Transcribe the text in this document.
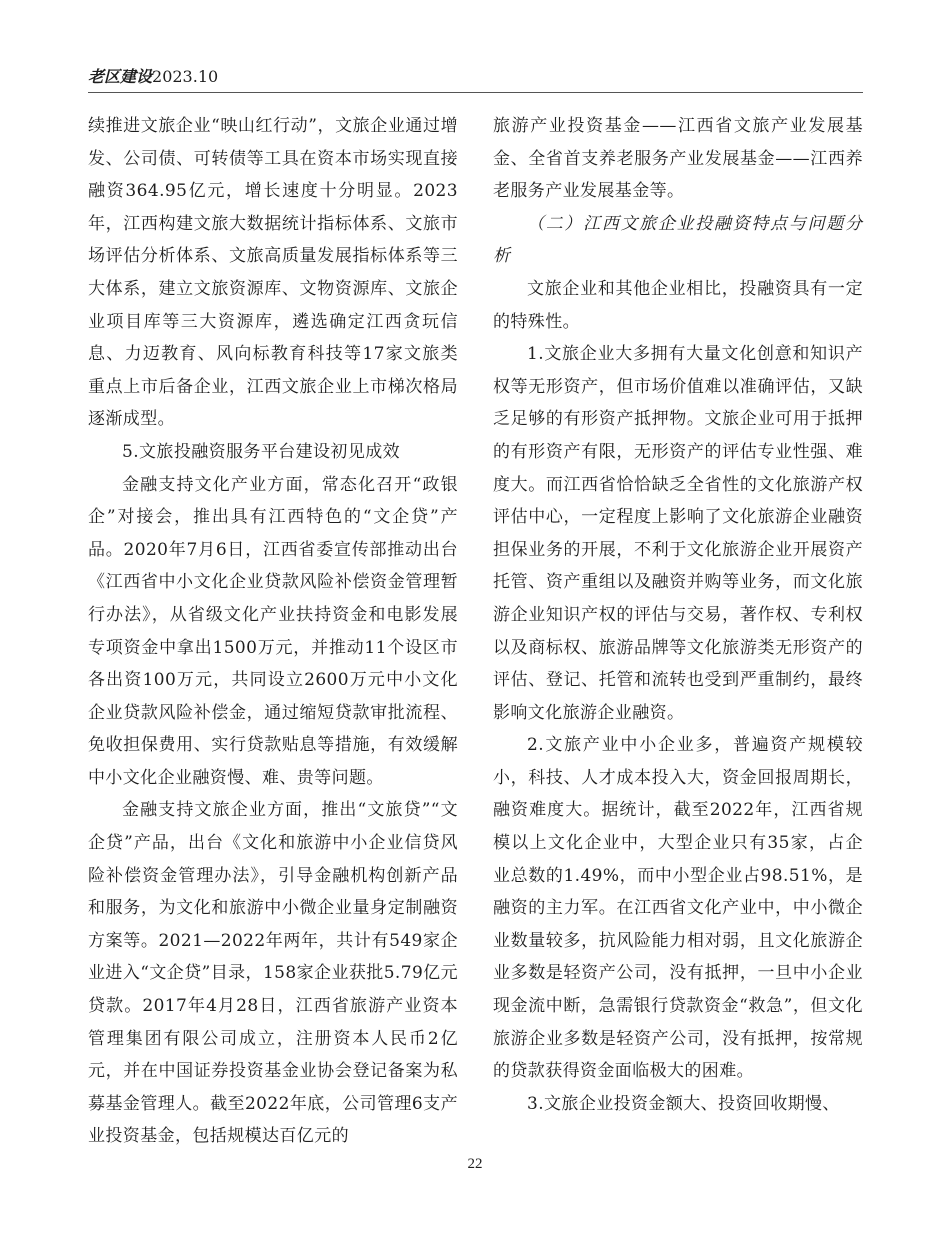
老区建设2023.10

续推进文旅企业“映山红行动”，文旅企业通过增发、公司债、可转债等工具在资本市场实现直接融资364.95亿元，增长速度十分明显。2023年，江西构建文旅大数据统计指标体系、文旅市场评估分析体系、文旅高质量发展指标体系等三大体系，建立文旅资源库、文物资源库、文旅企业项目库等三大资源库，遴选确定江西贪玩信息、力迈教育、风向标教育科技等17家文旅类重点上市后备企业，江西文旅企业上市梯次格局逐渐成型。

5.文旅投融资服务平台建设初见成效

金融支持文化产业方面，常态化召开“政银企”对接会，推出具有江西特色的“文企贷”产品。2020年7月6日，江西省委宣传部推动出台《江西省中小文化企业贷款风险补偿资金管理暂行办法》，从省级文化产业扶持资金和电影发展专项资金中拿出1500万元，并推动11个设区市各出资100万元，共同设立2600万元中小文化企业贷款风险补偿金，通过缩短贷款审批流程、免收担保费用、实行贷款贴息等措施，有效缓解中小文化企业融资慢、难、贵等问题。

金融支持文旅企业方面，推出“文旅贷”“文企贷”产品，出台《文化和旅游中小企业信贷风险补偿资金管理办法》，引导金融机构创新产品和服务，为文化和旅游中小微企业量身定制融资方案等。2021—2022年两年，共计有549家企业进入“文企贷”目录，158家企业获批5.79亿元贷款。2017年4月28日，江西省旅游产业资本管理集团有限公司成立，注册资本人民币2亿元，并在中国证券投资基金业协会登记备案为私募基金管理人。截至2022年底，公司管理6支产业投资基金，包括规模达百亿元的

旅游产业投资基金——江西省文旅产业发展基金、全省首支养老服务产业发展基金——江西养老服务产业发展基金等。

（二）江西文旅企业投融资特点与问题分析

文旅企业和其他企业相比，投融资具有一定的特殊性。

1.文旅企业大多拥有大量文化创意和知识产权等无形资产，但市场价值难以准确评估，又缺乏足够的有形资产抵押物。文旅企业可用于抵押的有形资产有限，无形资产的评估专业性强、难度大。而江西省恰恰缺乏全省性的文化旅游产权评估中心，一定程度上影响了文化旅游企业融资担保业务的开展，不利于文化旅游企业开展资产托管、资产重组以及融资并购等业务，而文化旅游企业知识产权的评估与交易，著作权、专利权以及商标权、旅游品牌等文化旅游类无形资产的评估、登记、托管和流转也受到严重制约，最终影响文化旅游企业融资。

2.文旅产业中小企业多，普遍资产规模较小，科技、人才成本投入大，资金回报周期长，融资难度大。据统计，截至2022年，江西省规模以上文化企业中，大型企业只有35家，占企业总数的1.49%，而中小型企业占98.51%，是融资的主力军。在江西省文化产业中，中小微企业数量较多，抗风险能力相对弱，且文化旅游企业多数是轻资产公司，没有抵押，一旦中小企业现金流中断，急需银行贷款资金“救急”，但文化旅游企业多数是轻资产公司，没有抵押，按常规的贷款获得资金面临极大的困难。

3.文旅企业投资金额大、投资回收期慢、

22
